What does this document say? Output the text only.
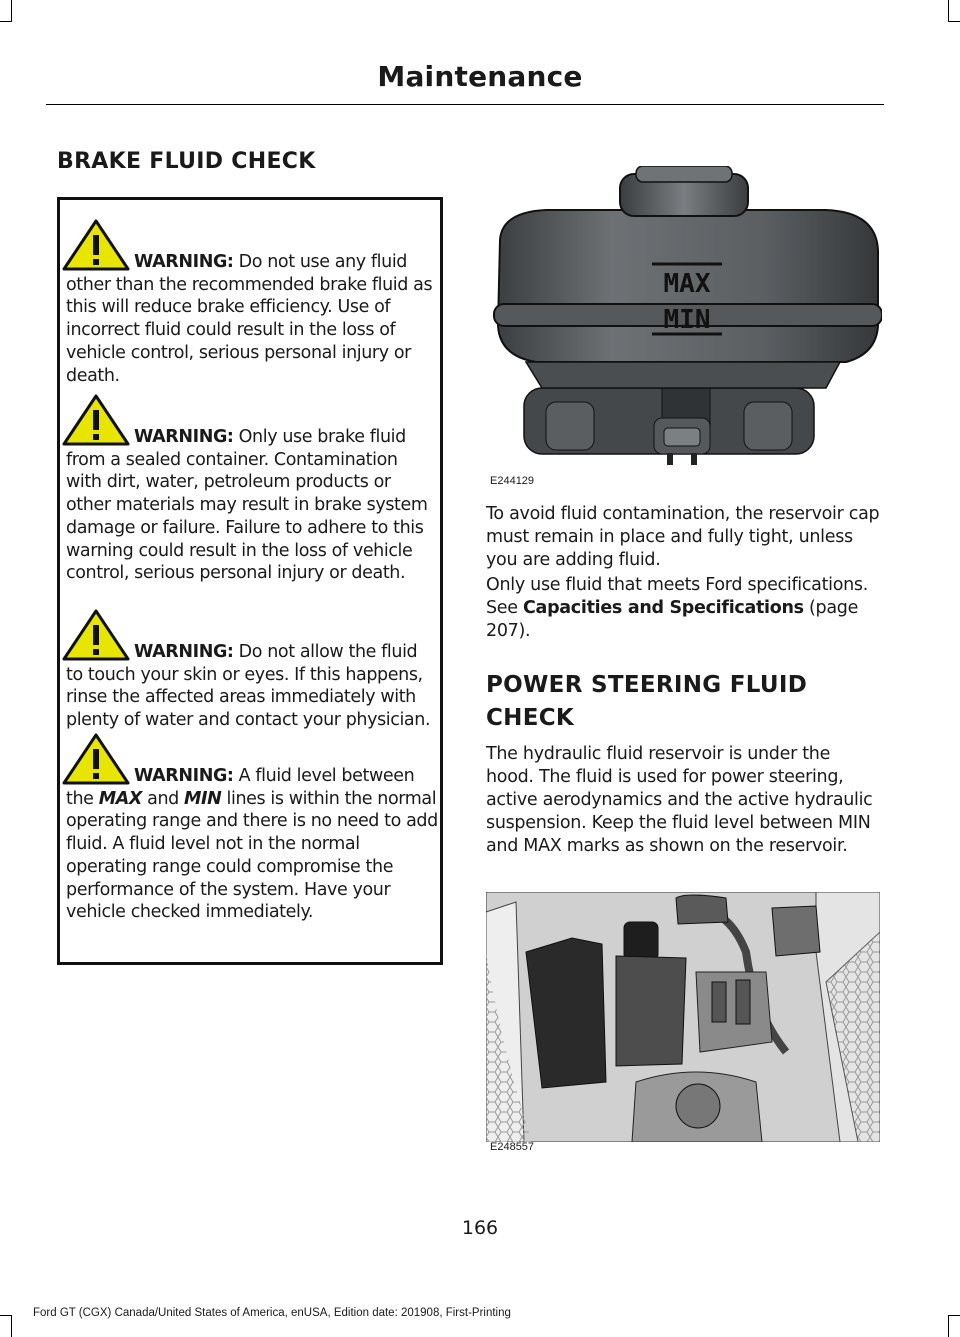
Maintenance
BRAKE FLUID CHECK
WARNING: Do not use any fluid other than the recommended brake fluid as this will reduce brake efficiency. Use of incorrect fluid could result in the loss of vehicle control, serious personal injury or death.
WARNING: Only use brake fluid from a sealed container. Contamination with dirt, water, petroleum products or other materials may result in brake system damage or failure. Failure to adhere to this warning could result in the loss of vehicle control, serious personal injury or death.
WARNING: Do not allow the fluid to touch your skin or eyes. If this happens, rinse the affected areas immediately with plenty of water and contact your physician.
WARNING: A fluid level between the MAX and MIN lines is within the normal operating range and there is no need to add fluid. A fluid level not in the normal operating range could compromise the performance of the system. Have your vehicle checked immediately.
MAX
MIN
E244129
To avoid fluid contamination, the reservoir cap must remain in place and fully tight, unless you are adding fluid.
Only use fluid that meets Ford specifications. See Capacities and Specifications (page 207).
POWER STEERING FLUID
CHECK
The hydraulic fluid reservoir is under the hood. The fluid is used for power steering, active aerodynamics and the active hydraulic suspension. Keep the fluid level between MIN and MAX marks as shown on the reservoir.
E248557
166
Ford GT (CGX) Canada/United States of America, enUSA, Edition date: 201908, First-Printing
